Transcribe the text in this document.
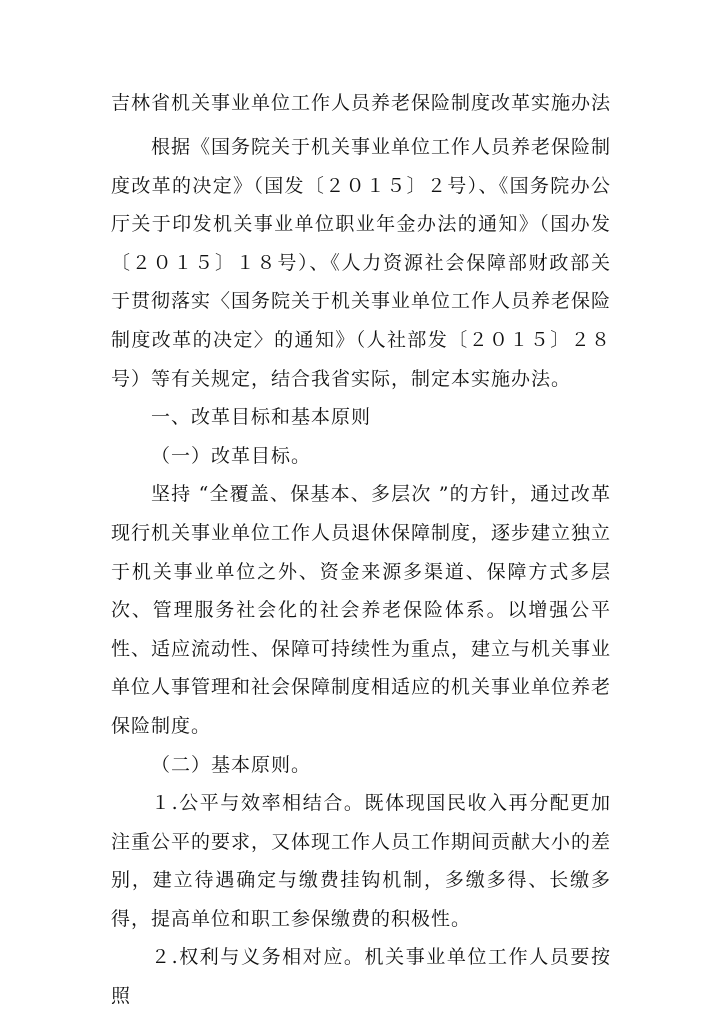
吉林省机关事业单位工作人员养老保险制度改革实施办法

根据《国务院关于机关事业单位工作人员养老保险制度改革的决定》（国发〔２０１５〕２号）、《国务院办公厅关于印发机关事业单位职业年金办法的通知》（国办发〔２０１５〕１８号）、《人力资源社会保障部财政部关于贯彻落实〈国务院关于机关事业单位工作人员养老保险制度改革的决定〉的通知》（人社部发〔２０１５〕２８号）等有关规定，结合我省实际，制定本实施办法。

一、改革目标和基本原则

（一）改革目标。

坚持 “全覆盖、保基本、多层次 ”的方针，通过改革现行机关事业单位工作人员退休保障制度，逐步建立独立于机关事业单位之外、资金来源多渠道、保障方式多层次、管理服务社会化的社会养老保险体系。以增强公平性、适应流动性、保障可持续性为重点，建立与机关事业单位人事管理和社会保障制度相适应的机关事业单位养老保险制度。

（二）基本原则。

１.公平与效率相结合。既体现国民收入再分配更加注重公平的要求，又体现工作人员工作期间贡献大小的差别，建立待遇确定与缴费挂钩机制，多缴多得、长缴多得，提高单位和职工参保缴费的积极性。

２.权利与义务相对应。机关事业单位工作人员要按照
